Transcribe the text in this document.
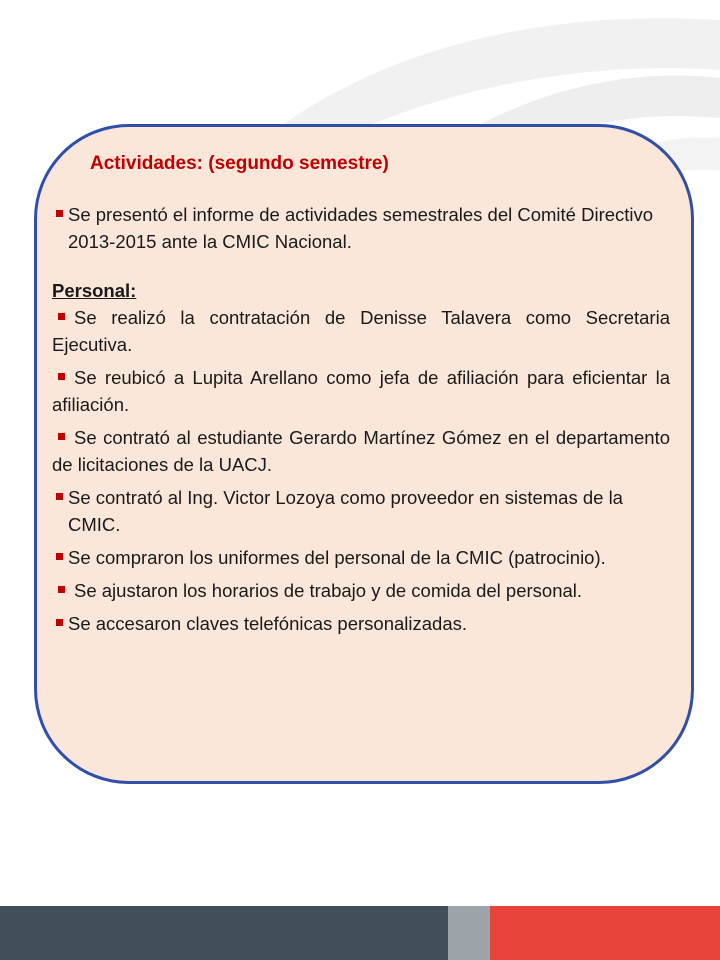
Actividades: (segundo semestre)
Se presentó el informe de actividades semestrales del Comité Directivo 2013-2015 ante la CMIC Nacional.
Personal:
Se realizó la contratación de Denisse Talavera como Secretaria Ejecutiva.
Se reubicó a Lupita Arellano como jefa de afiliación para eficientar la afiliación.
Se contrató al estudiante Gerardo Martínez Gómez en el departamento de licitaciones de la UACJ.
Se contrató al Ing. Victor Lozoya como proveedor en sistemas de la CMIC.
Se compraron los uniformes del personal de la CMIC (patrocinio).
Se ajustaron los horarios de trabajo y de comida del personal.
Se accesaron claves telefónicas personalizadas.
